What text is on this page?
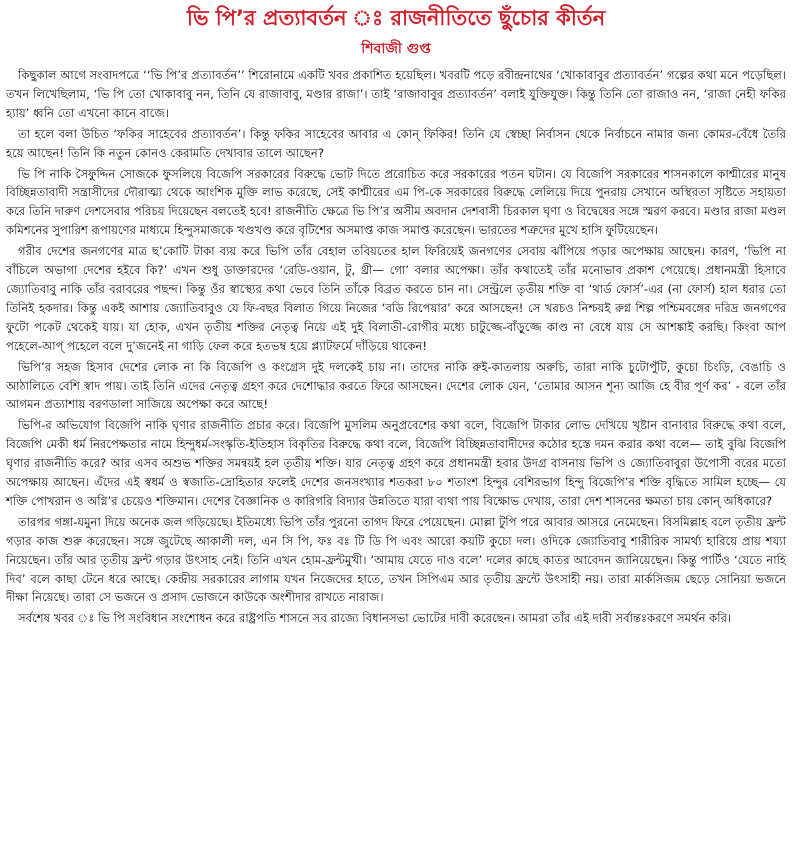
ভি পি’র প্রত্যাবর্তন ঃ রাজনীতিতে ছুঁচোর কীর্তন
শিবাজী গুপ্ত

কিছুকাল আগে সংবাদপত্রে ‘‘ভি পি’র প্রত্যাবর্তন’’ শিরোনামে একটি খবর প্রকাশিত হয়েছিল। খবরটি পড়ে রবীন্দ্রনাথের ‘খোকাবাবুর প্রত্যাবর্তন’ গল্পের কথা মনে পড়েছিল। তখন লিখেছিলাম, ‘ভি পি তো খোকাবাবু নন, তিনি যে রাজাবাবু, মণ্ডার রাজা’। তাই ‘রাজাবাবুর প্রত্যাবর্তন’ বলাই যুক্তিযুক্ত। কিন্তু তিনি তো রাজাও নন, ‘রাজা নেহী ফকির হ্যায়’ ধ্বনি তো এখনো কানে বাজে।

তা হলে বলা উচিত ‘ফকির সাহেবের প্রত্যাবর্তন’। কিন্তু ফকির সাহেবের আবার এ কোন্ ফিকির! তিনি যে স্বেচ্ছা নির্বাসন থেকে নির্বাচনে নামার জন্য কোমর-বেঁধে তৈরি হয়ে আছেন! তিনি কি নতুন কোনও কেরামতি দেখাবার তালে আছেন?

ভি পি নাকি সৈফুদ্দিন সোজকে ফুসলিয়ে বিজেপি সরকারের বিরুদ্ধে ভোট দিতে প্ররোচিত করে সরকারের পতন ঘটান। যে বিজেপি সরকারের শাসনকালে কাশ্মীরের মানুষ বিচ্ছিন্নতাবাদী সন্ত্রাসীদের দৌরাত্ম্য থেকে আংশিক মুক্তি লাভ করেছে, সেই কাশ্মীরের এম পি-কে সরকারের বিরুদ্ধে লেলিয়ে দিয়ে পুনরায় সেখানে অস্থিরতা সৃষ্টিতে সহায়তা করে তিনি দারুণ দেশসেবার পরিচয় দিয়েছেন বলতেই হবে! রাজনীতি ক্ষেত্রে ভি পি’র অসীম অবদান দেশবাসী চিরকাল ঘৃণা ও বিদ্বেষের সঙ্গে স্মরণ করবে। মণ্ডার রাজা মণ্ডল কমিশনের সুপারিশ রূপায়ণের মাধ্যমে হিন্দুসমাজকে খণ্ডখণ্ড করে বৃটিশের অসমাপ্ত কাজ সমাপ্ত করেছেন। ভারতের শত্রুদের মুখে হাসি ফুটিয়েছেন।

গরীব দেশের জনগণের মাত্র ছ’কোটি টাকা ব্যয় করে ভিপি তাঁর বেহাল তবিয়তের হাল ফিরিয়েই জনগণের সেবায় ঝাঁপিয়ে পড়ার অপেক্ষায় আছেন। কারণ, ‘ভিপি না বাঁচিলে অভাগা দেশের হইবে কি?’ এখন শুধু ডাক্তারদের ‘রেডি-ওয়ান, টু, থ্রী— গো’ বলার অপেক্ষা। তাঁর কথাতেই তাঁর মনোভাব প্রকাশ পেয়েছে। প্রধানমন্ত্রী হিসাবে জ্যোতিবাবু নাকি তাঁর বরাবরের পছন্দ। কিন্তু ওঁর স্বাস্থ্যের কথা ভেবে তিনি তাঁকে বিব্রত করতে চান না। সেন্ট্রলে তৃতীয় শক্তি বা ‘থার্ড ফোর্স’-এর (না ফোর্স) হাল ধরার তো তিনিই হকদার। কিন্তু একই আশায় জ্যোতিবাবুও যে ফি-বছর বিলাত গিয়ে নিজের ‘বডি রিপেয়ার’ করে আসছেন! সে খরচও নিশ্চয়ই রুগ্ন শিল্প পশ্চিমবঙ্গের দরিদ্র জনগণের ফুটো পকেট থেকেই যায়। যা হোক, এখন তৃতীয় শক্তির নেতৃত্ব নিয়ে এই দুই বিলাতী-রোগীর মধ্যে চাটুজ্জে-বাঁড়ুজ্জে কাণ্ড না বেধে যায় সে আশঙ্কাই করছি। কিংবা আপ পহেলে-আপ্ পহেলে বলে দু’জনেই না গাড়ি ফেল করে হতভম্ব হয়ে প্ল্যাটফর্মে দাঁড়িয়ে থাকেন!

ভিপি’র সহজ হিসাব দেশের লোক না কি বিজেপি ও কংগ্রেস দুই দলকেই চায় না। তাদের নাকি রুই-কাতলায় অরুচি, তারা নাকি চুটোপুঁটি, কুচো চিংড়ি, বেঙাচি ও আঠালিতে বেশি স্বাদ পায়। তাই তিনি এদের নেতৃত্ব গ্রহণ করে দেশোদ্ধার করতে ফিরে আসছেন। দেশের লোক যেন, ‘তোমার আসন শূন্য আজি হে বীর পূর্ণ কর’ - বলে তাঁর আগমন প্রত্যাশায় বরণডালা সাজিয়ে অপেক্ষা করে আছে!

ভিপি-র অভিযোগ বিজেপি নাকি ঘৃণার রাজনীতি প্রচার করে। বিজেপি মুসলিম অনুপ্রবেশের কথা বলে, বিজেপি টাকার লোভ দেখিয়ে খৃষ্টান বানাবার বিরুদ্ধে কথা বলে, বিজেপি মেকী ধর্ম নিরপেক্ষতার নামে হিন্দুধর্ম-সংস্কৃতি-ইতিহাস বিকৃতির বিরুদ্ধে কথা বলে, বিজেপি বিচ্ছিন্নতাবাদীদের কঠোর হস্তে দমন করার কথা বলে— তাই বুঝি বিজেপি ঘৃণার রাজনীতি করে? আর এসব অশুভ শক্তির সমন্বয়ই হল তৃতীয় শক্তি। যার নেতৃত্ব গ্রহণ করে প্রধানমন্ত্রী হবার উদগ্র বাসনায় ভিপি ও জ্যোতিবাবুরা উপোসী বরের মতো অপেক্ষায় আছেন। এঁদের এই স্বধর্ম ও স্বজাতি-দ্রোহিতার ফলেই দেশের জনসংখ্যার শতকরা ৮০ শতাংশ হিন্দুর বেশিরভাগ হিন্দু বিজেপি’র শক্তি বৃদ্ধিতে সামিল হচ্ছে— যে শক্তি পোখরান ও অগ্নি’র চেয়েও শক্তিমান। দেশের বৈজ্ঞানিক ও কারিগরি বিদ্যার উন্নতিতে যারা ব্যথা পায় বিক্ষোভ দেখায়, তারা দেশ শাসনের ক্ষমতা চায় কোন্ অধিকারে?

তারপর গঙ্গা-যমুনা দিয়ে অনেক জল গড়িয়েছে। ইতিমধ্যে ভিপি তাঁর পুরনো তাগদ ফিরে পেয়েছেন। মোল্লা টুপি পরে আবার আসরে নেমেছেন। বিসমিল্লাহ বলে তৃতীয় ফ্রন্ট গড়ার কাজ শুরু করেছেন। সঙ্গে জুটেছে আকালী দল, এন সি পি, ফঃ বঃ টি ডি পি এবং আরো কয়টি কুচো দল। ওদিকে জ্যোতিবাবু শারীরিক সামর্থ্য হারিয়ে প্রায় শয্যা নিয়েছেন। তাঁর আর তৃতীয় ফ্রন্ট গড়ার উৎসাহ নেই। তিনি এখন হোম-ফ্রন্টমুখী। ‘আমায় যেতে দাও বলে’ দলের কাছে কাতর আবেদন জানিয়েছেন। কিন্তু পার্টিও ‘যেতে নাহি দিব’ বলে কাছা টেনে ধরে আছে। কেন্দ্রীয় সরকারের লাগাম যখন নিজেদের হাতে, তখন সিপিএম আর তৃতীয় ফ্রন্টে উৎসাহী নয়। তারা মার্কসিজম ছেড়ে সোনিয়া ভজনে দীক্ষা নিয়েছে। তারা সে ভজনে ও প্রসাদ ভোজনে কাউকে অংশীদার রাখতে নারাজ।

সর্বশেষ খবর ঃ ভি পি সংবিধান সংশোধন করে রাষ্ট্রপতি শাসনে সব রাজ্যে বিধানসভা ভোটের দাবী করেছেন। আমরা তাঁর এই দাবী সর্বান্তঃকরণে সমর্থন করি।
